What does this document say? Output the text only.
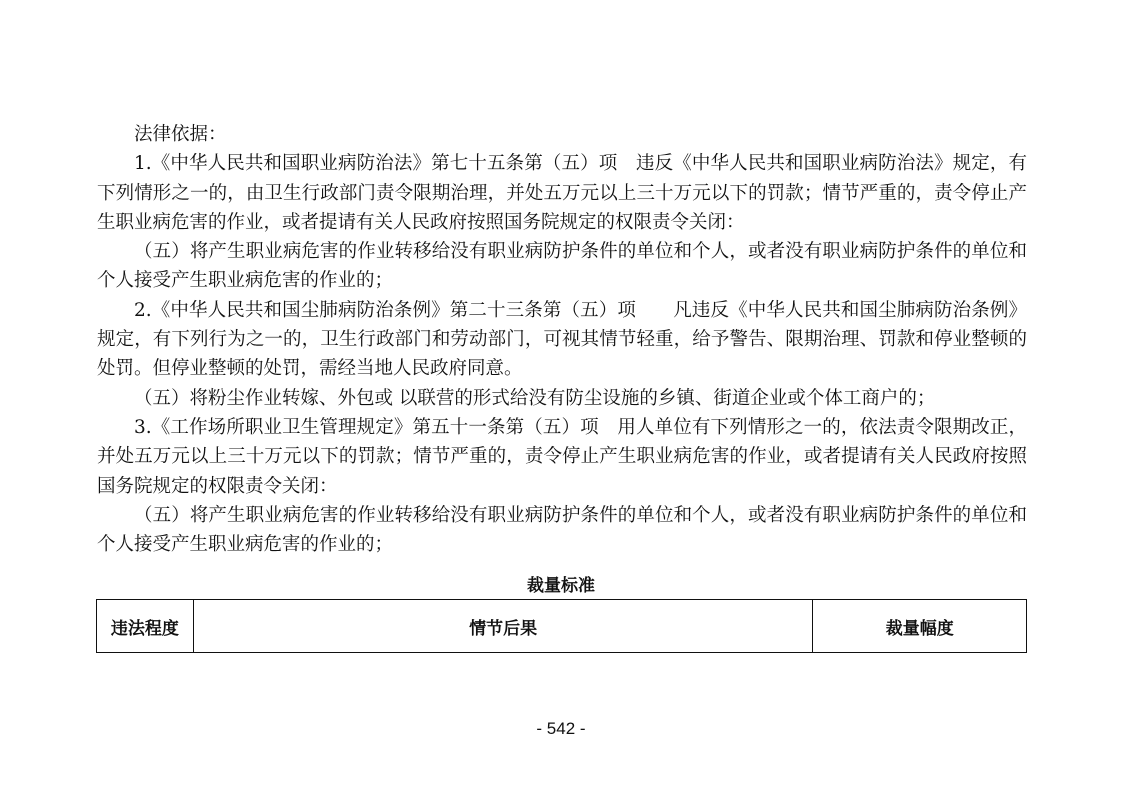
法律依据：

1.《中华人民共和国职业病防治法》第七十五条第（五）项　违反《中华人民共和国职业病防治法》规定，有下列情形之一的，由卫生行政部门责令限期治理，并处五万元以上三十万元以下的罚款；情节严重的，责令停止产生职业病危害的作业，或者提请有关人民政府按照国务院规定的权限责令关闭：

（五）将产生职业病危害的作业转移给没有职业病防护条件的单位和个人，或者没有职业病防护条件的单位和个人接受产生职业病危害的作业的；

2.《中华人民共和国尘肺病防治条例》第二十三条第（五）项　　凡违反《中华人民共和国尘肺病防治条例》规定，有下列行为之一的，卫生行政部门和劳动部门，可视其情节轻重，给予警告、限期治理、罚款和停业整顿的处罚。但停业整顿的处罚，需经当地人民政府同意。

（五）将粉尘作业转嫁、外包或 以联营的形式给没有防尘设施的乡镇、街道企业或个体工商户的；

3.《工作场所职业卫生管理规定》第五十一条第（五）项　用人单位有下列情形之一的，依法责令限期改正，并处五万元以上三十万元以下的罚款；情节严重的，责令停止产生职业病危害的作业，或者提请有关人民政府按照国务院规定的权限责令关闭：

（五）将产生职业病危害的作业转移给没有职业病防护条件的单位和个人，或者没有职业病防护条件的单位和个人接受产生职业病危害的作业的；

裁量标准
违法程度	情节后果	裁量幅度
- 542 -
